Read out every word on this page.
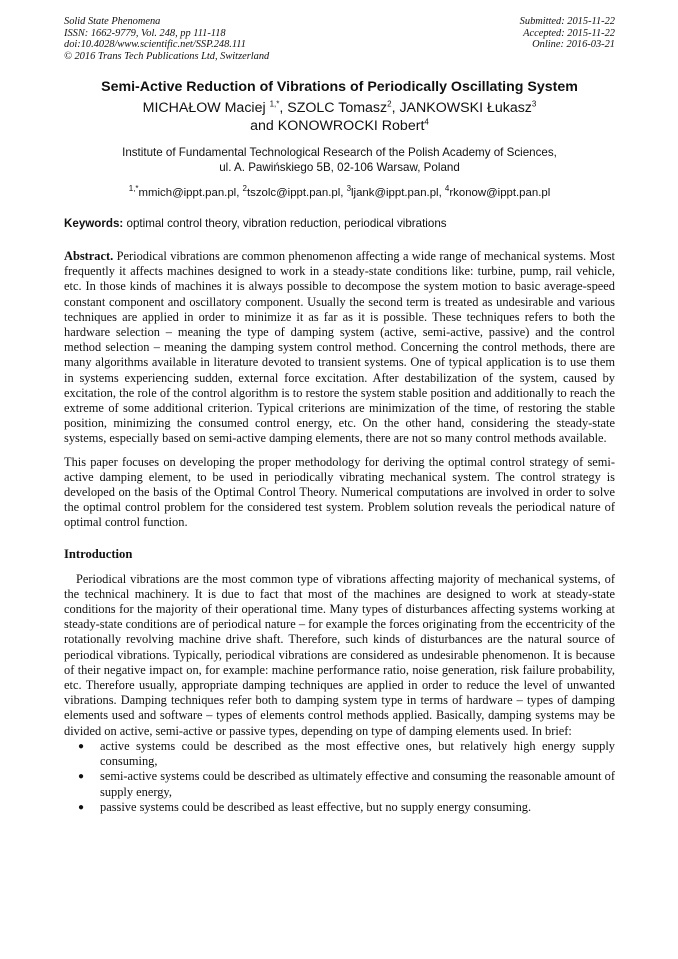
Solid State Phenomena
ISSN: 1662-9779, Vol. 248, pp 111-118
doi:10.4028/www.scientific.net/SSP.248.111
© 2016 Trans Tech Publications Ltd, Switzerland
Submitted: 2015-11-22
Accepted: 2015-11-22
Online: 2016-03-21
Semi-Active Reduction of Vibrations of Periodically Oscillating System
MICHAŁOW Maciej $^{1,*}$, SZOLC Tomasz$^2$, JANKOWSKI Łukasz$^3$
and KONOWROCKI Robert$^4$
Institute of Fundamental Technological Research of the Polish Academy of Sciences,
ul. A. Pawińskiego 5B, 02-106 Warsaw, Poland
$^{1,*}$mmich@ippt.pan.pl, $^2$tszolc@ippt.pan.pl, $^3$ljank@ippt.pan.pl, $^4$rkonow@ippt.pan.pl
Keywords: optimal control theory, vibration reduction, periodical vibrations
Abstract. Periodical vibrations are common phenomenon affecting a wide range of mechanical systems. Most frequently it affects machines designed to work in a steady-state conditions like: turbine, pump, rail vehicle, etc. In those kinds of machines it is always possible to decompose the system motion to basic average-speed constant component and oscillatory component. Usually the second term is treated as undesirable and various techniques are applied in order to minimize it as far as it is possible. These techniques refers to both the hardware selection – meaning the type of damping system (active, semi-active, passive) and the control method selection – meaning the damping system control method. Concerning the control methods, there are many algorithms available in literature devoted to transient systems. One of typical application is to use them in systems experiencing sudden, external force excitation. After destabilization of the system, caused by excitation, the role of the control algorithm is to restore the system stable position and additionally to reach the extreme of some additional criterion. Typical criterions are minimization of the time, of restoring the stable position, minimizing the consumed control energy, etc. On the other hand, considering the steady-state systems, especially based on semi-active damping elements, there are not so many control methods available.
This paper focuses on developing the proper methodology for deriving the optimal control strategy of semi-active damping element, to be used in periodically vibrating mechanical system. The control strategy is developed on the basis of the Optimal Control Theory. Numerical computations are involved in order to solve the optimal control problem for the considered test system. Problem solution reveals the periodical nature of optimal control function.
Introduction
Periodical vibrations are the most common type of vibrations affecting majority of mechanical systems, of the technical machinery. It is due to fact that most of the machines are designed to work at steady-state conditions for the majority of their operational time. Many types of disturbances affecting systems working at steady-state conditions are of periodical nature – for example the forces originating from the eccentricity of the rotationally revolving machine drive shaft. Therefore, such kinds of disturbances are the natural source of periodical vibrations. Typically, periodical vibrations are considered as undesirable phenomenon. It is because of their negative impact on, for example: machine performance ratio, noise generation, risk failure probability, etc. Therefore usually, appropriate damping techniques are applied in order to reduce the level of unwanted vibrations. Damping techniques refer both to damping system type in terms of hardware – types of damping elements used and software – types of elements control methods applied. Basically, damping systems may be divided on active, semi-active or passive types, depending on type of damping elements used. In brief:
● active systems could be described as the most effective ones, but relatively high energy supply consuming,
● semi-active systems could be described as ultimately effective and consuming the reasonable amount of supply energy,
● passive systems could be described as least effective, but no supply energy consuming.
